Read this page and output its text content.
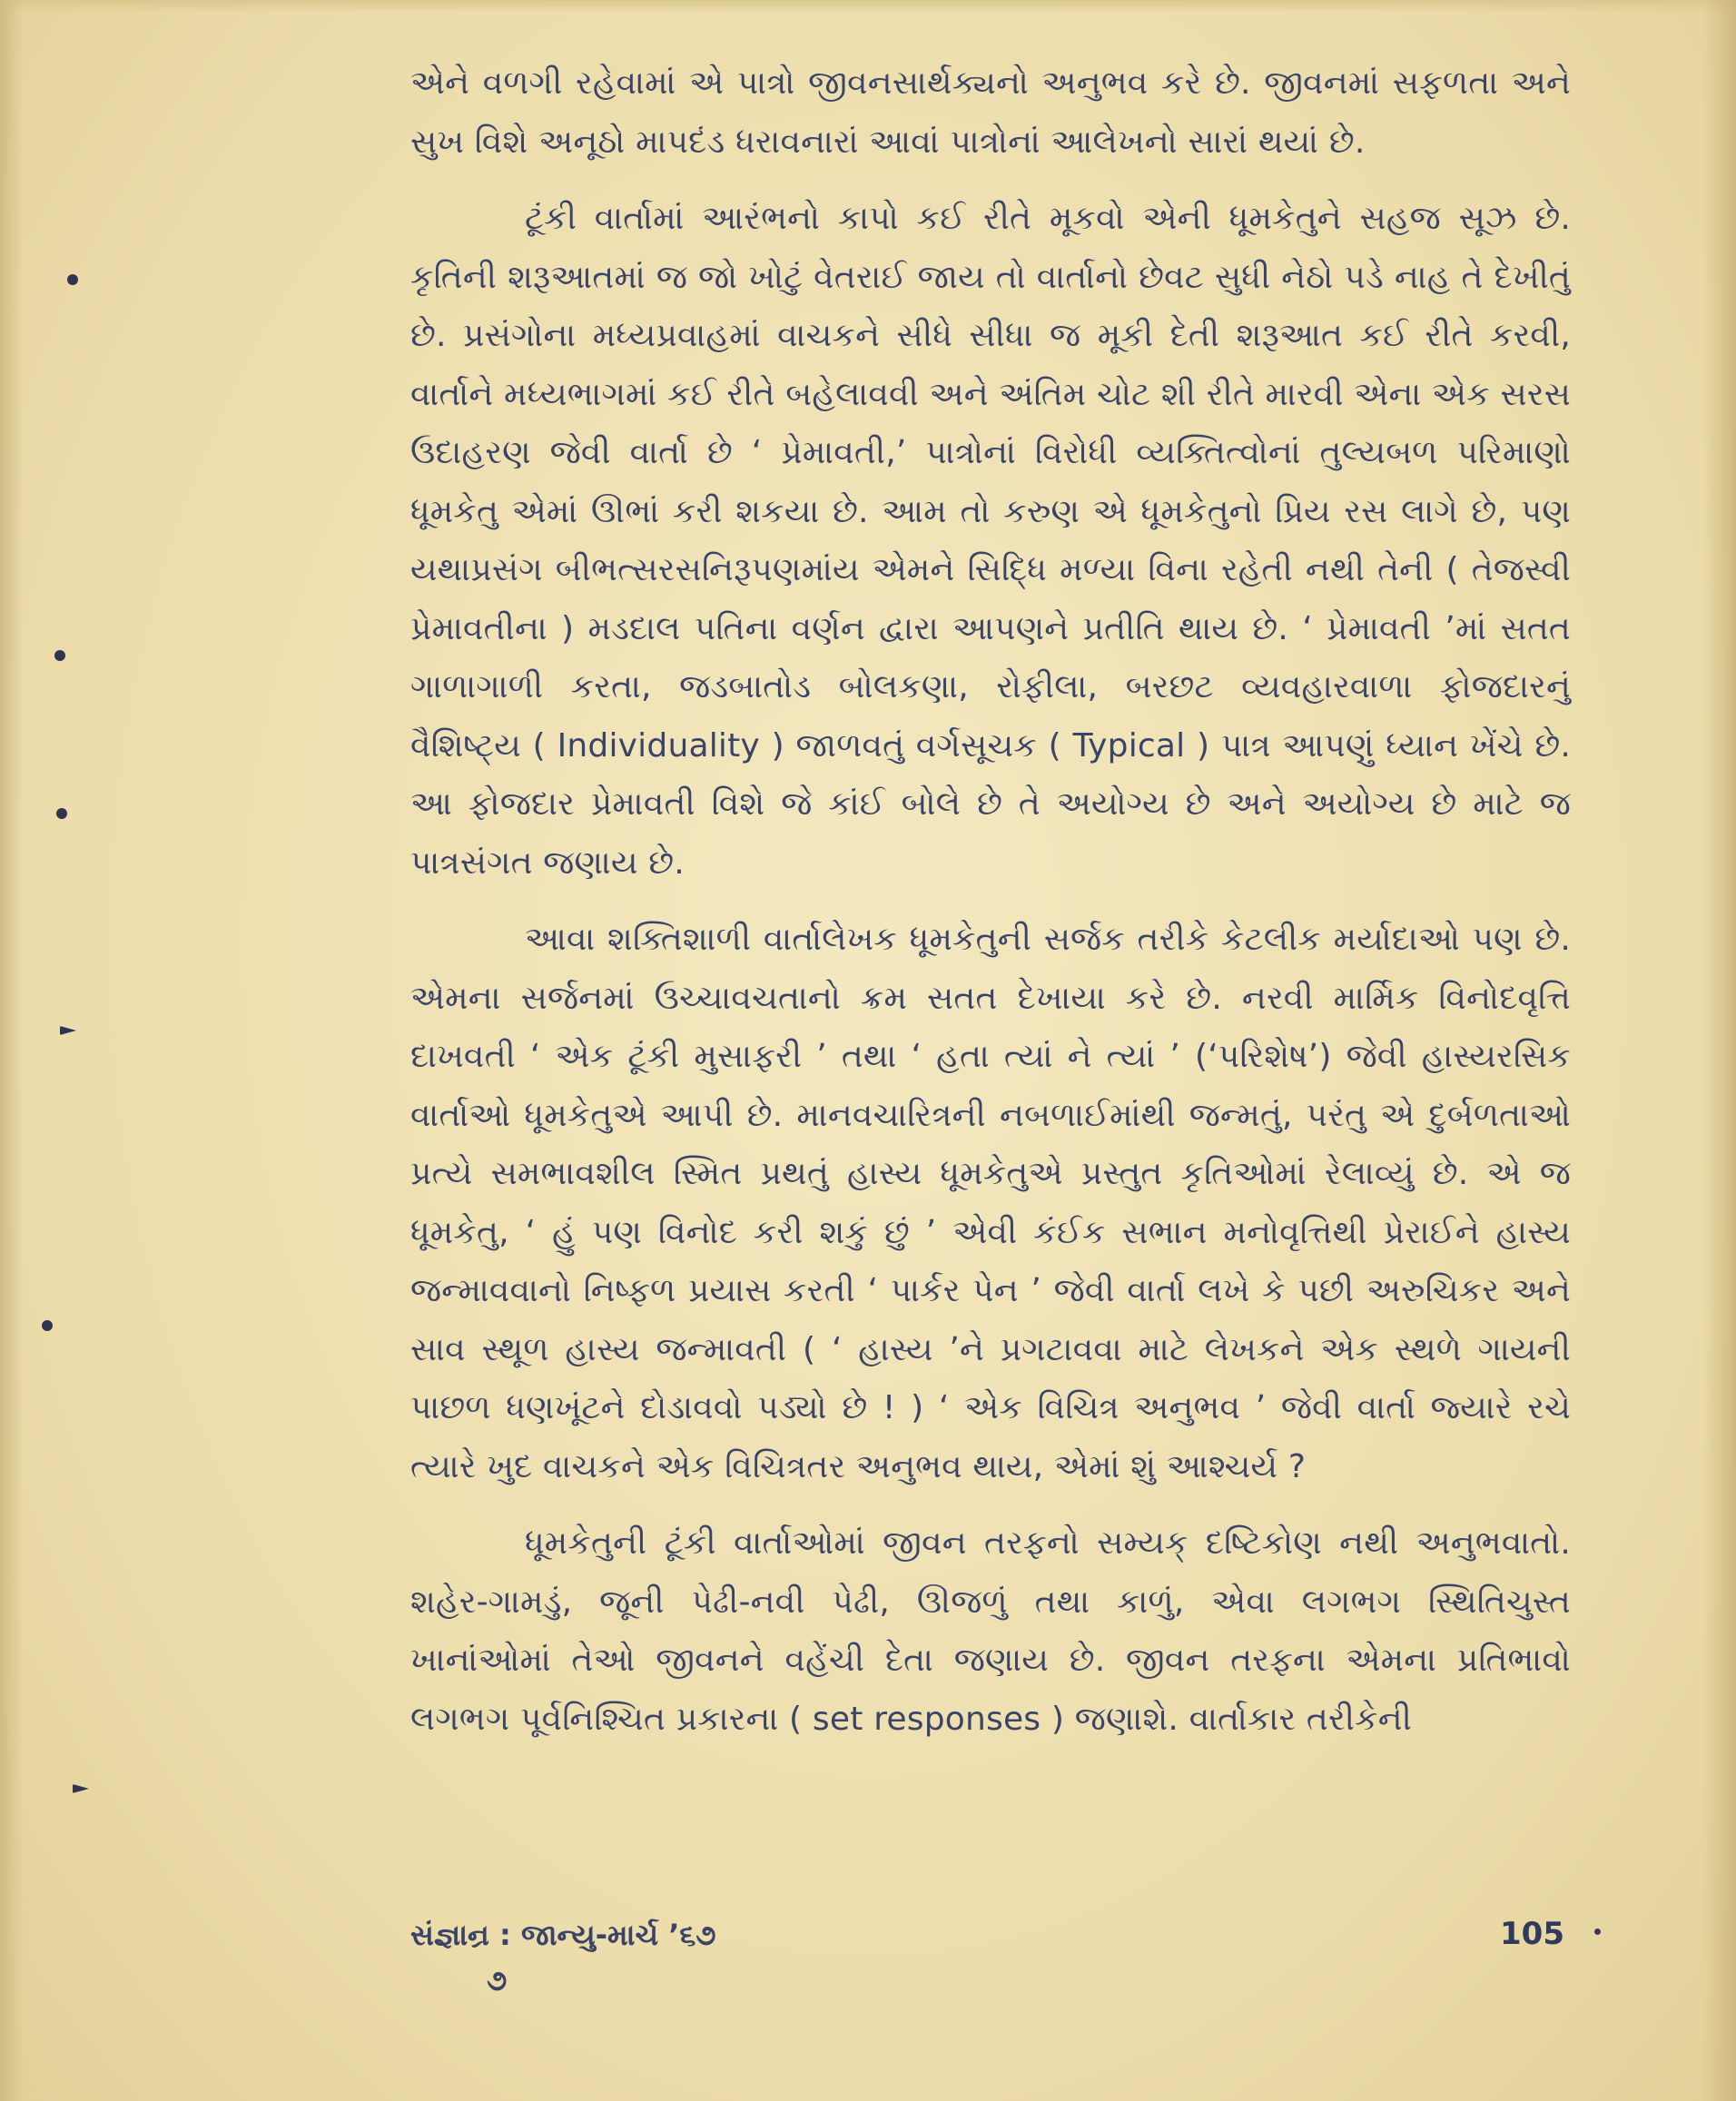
એને વળગી રહેવામાં એ પાત્રો જીવનસાર્થક્યનો અનુભવ કરે છે. જીવનમાં સફળતા અને સુખ વિશે અનૂઠો માપદંડ ધરાવનારાં આવાં પાત્રોનાં આલેખનો સારાં થયાં છે.

ટૂંકી વાર્તામાં આરંભનો કાપો કઈ રીતે મૂકવો એની ધૂમકેતુને સહજ સૂઝ છે. કૃતિની શરૂઆતમાં જ જો ખોટું વેતરાઈ જાય તો વાર્તાનો છેવટ સુધી નેઠો પડે નાહ તે દેખીતું છે. પ્રસંગોના મધ્યપ્રવાહમાં વાચકને સીધે સીધા જ મૂકી દેતી શરૂઆત કઈ રીતે કરવી, વાર્તાને મધ્યભાગમાં કઈ રીતે બહેલાવવી અને અંતિમ ચોટ શી રીતે મારવી એના એક સરસ ઉદાહરણ જેવી વાર્તા છે ‘ પ્રેમાવતી,’ પાત્રોનાં વિરોધી વ્યક્તિત્વોનાં તુલ્યબળ પરિમાણો ધૂમકેતુ એમાં ઊભાં કરી શકયા છે. આમ તો કરુણ એ ધૂમકેતુનો પ્રિય રસ લાગે છે, પણ યથાપ્રસંગ બીભત્સરસનિરૂપણમાંય એમને સિદ્ધિ મળ્યા વિના રહેતી નથી તેની ( તેજસ્વી પ્રેમાવતીના ) મડદાલ પતિના વર્ણન દ્વારા આપણને પ્રતીતિ થાય છે. ‘ પ્રેમાવતી ’માં સતત ગાળાગાળી કરતા, જડબાતોડ બોલકણા, રોફીલા, બરછટ વ્યવહારવાળા ફોજદારનું વૈશિષ્ટ્ય ( Individuality ) જાળવતું વર્ગસૂચક ( Typical ) પાત્ર આપણું ધ્યાન ખેંચે છે. આ ફોજદાર પ્રેમાવતી વિશે જે કાંઈ બોલે છે તે અયોગ્ય છે અને અયોગ્ય છે માટે જ પાત્રસંગત જણાય છે.

આવા શક્તિશાળી વાર્તાલેખક ધૂમકેતુની સર્જક તરીકે કેટલીક મર્યાદાઓ પણ છે. એમના સર્જનમાં ઉચ્ચાવચતાનો ક્રમ સતત દેખાયા કરે છે. નરવી માર્મિક વિનોદવૃત્તિ દાખવતી ‘ એક ટૂંકી મુસાફરી ’ તથા ‘ હતા ત્યાં ને ત્યાં ’ (‘પરિશેષ’) જેવી હાસ્યરસિક વાર્તાઓ ધૂમકેતુએ આપી છે. માનવચારિત્રની નબળાઈમાંથી જન્મતું, પરંતુ એ દુર્બળતાઓ પ્રત્યે સમભાવશીલ સ્મિત પ્રથતું હાસ્ય ધૂમકેતુએ પ્રસ્તુત કૃતિઓમાં રેલાવ્યું છે. એ જ ધૂમકેતુ, ‘ હું પણ વિનોદ કરી શકું છું ’ એવી કંઈક સભાન મનોવૃત્તિથી પ્રેરાઈને હાસ્ય જન્માવવાનો નિષ્ફળ પ્રયાસ કરતી ‘ પાર્કર પેન ’ જેવી વાર્તા લખે કે પછી અરુચિકર અને સાવ સ્થૂળ હાસ્ય જન્માવતી ( ‘ હાસ્ય ’ને પ્રગટાવવા માટે લેખકને એક સ્થળે ગાયની પાછળ ધણખૂંટને દોડાવવો પડ્યો છે ! ) ‘ એક વિચિત્ર અનુભવ ’ જેવી વાર્તા જ્યારે રચે ત્યારે ખુદ વાચકને એક વિચિત્રતર અનુભવ થાય, એમાં શું આશ્ચર્ય ?

ધૂમકેતુની ટૂંકી વાર્તાઓમાં જીવન તરફનો સમ્યક્ દષ્ટિકોણ નથી અનુભવાતો. શહેર-ગામડું, જૂની પેઢી-નવી પેઢી, ઊજળું તથા કાળું, એવા લગભગ સ્થિતિચુસ્ત ખાનાંઓમાં તેઓ જીવનને વહેંચી દેતા જણાય છે. જીવન તરફના એમના પ્રતિભાવો લગભગ પૂર્વનિશ્ચિત પ્રકારના ( set responses ) જણાશે. વાર્તાકાર તરીકેની

સંજ્ઞાન્ર : જાન્યુ-માર્ચ ’૬૭
૭
105
